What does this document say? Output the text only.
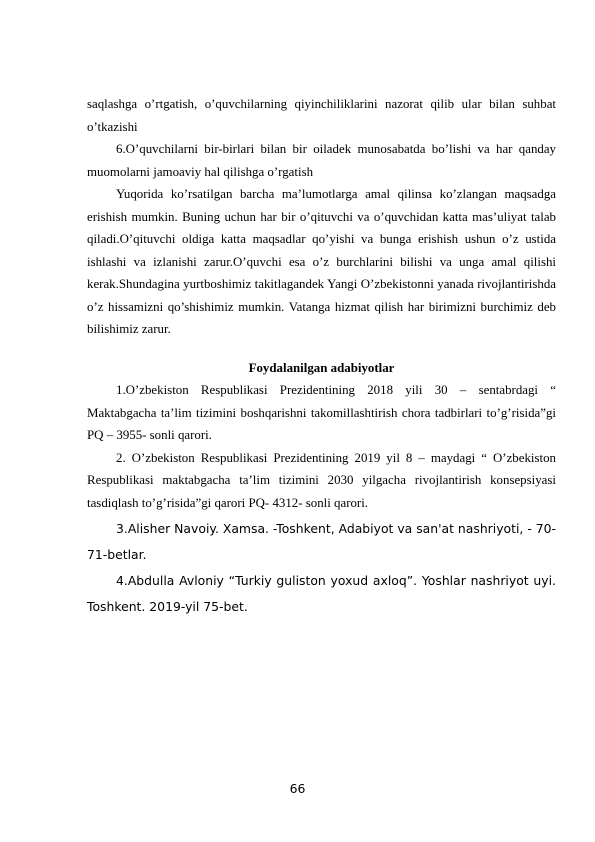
saqlashga o’rtgatish, o’quvchilarning qiyinchiliklarini nazorat qilib ular bilan suhbat o’tkazishi

6.O’quvchilarni bir-birlari bilan bir oiladek munosabatda bo’lishi va har qanday muomolarni jamoaviy hal qilishga o’rgatish

Yuqorida ko’rsatilgan barcha ma’lumotlarga amal qilinsa ko’zlangan maqsadga erishish mumkin. Buning uchun har bir o’qituvchi va o’quvchidan katta mas’uliyat talab qiladi.O’qituvchi oldiga katta maqsadlar qo’yishi va bunga erishish ushun o’z ustida ishlashi va izlanishi zarur.O’quvchi esa o’z burchlarini bilishi va unga amal qilishi kerak.Shundagina yurtboshimiz takitlagandek Yangi O’zbekistonni yanada rivojlantirishda o’z hissamizni qo’shishimiz mumkin. Vatanga hizmat qilish har birimizni burchimiz deb bilishimiz zarur.

Foydalanilgan adabiyotlar

1.O’zbekiston Respublikasi Prezidentining 2018 yili 30 – sentabrdagi “ Maktabgacha ta’lim tizimini boshqarishni takomillashtirish chora tadbirlari to’g’risida”gi PQ – 3955- sonli qarori.

2. O’zbekiston Respublikasi Prezidentining 2019 yil 8 – maydagi “ O’zbekiston Respublikasi maktabgacha ta’lim tizimini 2030 yilgacha rivojlantirish konsepsiyasi tasdiqlash to’g’risida”gi qarori PQ- 4312- sonli qarori.

3.Alisher Navoiy. Xamsa. -Toshkent, Adabiyot va san'at nashriyoti, - 70-71-betlar.

4.Abdulla Avloniy “Turkiy guliston yoxud axloq”. Yoshlar nashriyot uyi. Toshkent. 2019-yil 75-bet.

66
